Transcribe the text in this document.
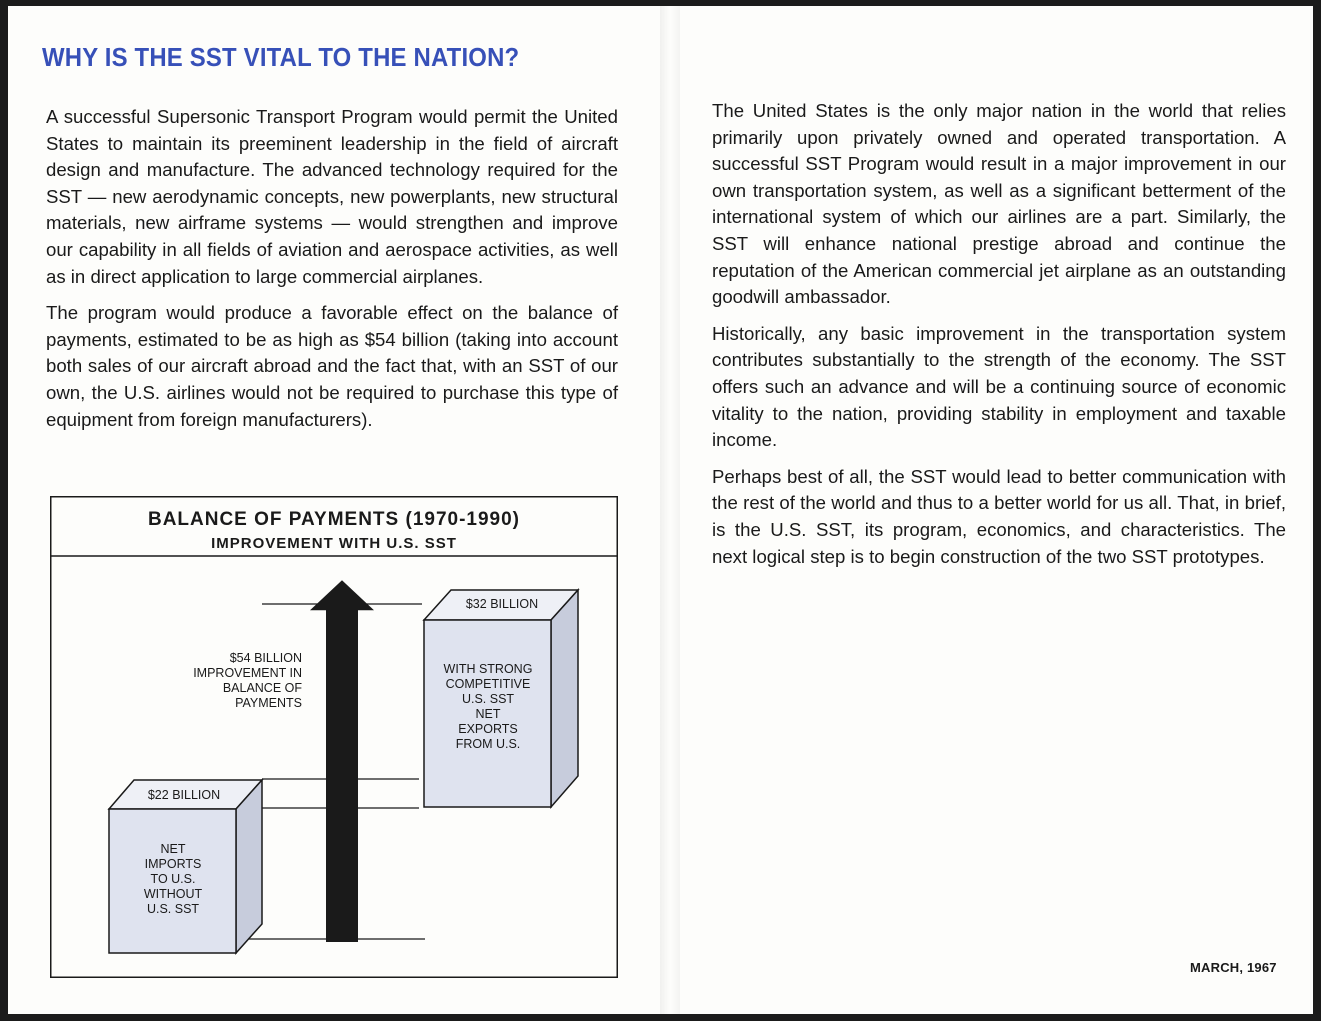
WHY IS THE SST VITAL TO THE NATION?

A successful Supersonic Transport Program would permit the United States to maintain its preeminent leadership in the field of aircraft design and manufacture. The advanced technology required for the SST — new aerodynamic concepts, new powerplants, new structural materials, new airframe systems — would strengthen and improve our capability in all fields of aviation and aerospace activities, as well as in direct application to large commercial airplanes.

The program would produce a favorable effect on the balance of payments, estimated to be as high as $54 billion (taking into account both sales of our aircraft abroad and the fact that, with an SST of our own, the U.S. airlines would not be required to purchase this type of equipment from foreign manufacturers).

The United States is the only major nation in the world that relies primarily upon privately owned and operated transportation. A successful SST Program would result in a major improvement in our own transportation system, as well as a significant betterment of the international system of which our airlines are a part. Similarly, the SST will enhance national prestige abroad and continue the reputation of the American commercial jet airplane as an outstanding goodwill ambassador.

Historically, any basic improvement in the transportation system contributes substantially to the strength of the economy. The SST offers such an advance and will be a continuing source of economic vitality to the nation, providing stability in employment and taxable income.

Perhaps best of all, the SST would lead to better communication with the rest of the world and thus to a better world for us all. That, in brief, is the U.S. SST, its program, economics, and characteristics. The next logical step is to begin construction of the two SST prototypes.

BALANCE OF PAYMENTS (1970-1990)
IMPROVEMENT WITH U.S. SST
$54 BILLION
IMPROVEMENT IN
BALANCE OF
PAYMENTS
$32 BILLION
WITH STRONG
COMPETITIVE
U.S. SST
NET
EXPORTS
FROM U.S.
$22 BILLION
NET
IMPORTS
TO U.S.
WITHOUT
U.S. SST
MARCH, 1967
